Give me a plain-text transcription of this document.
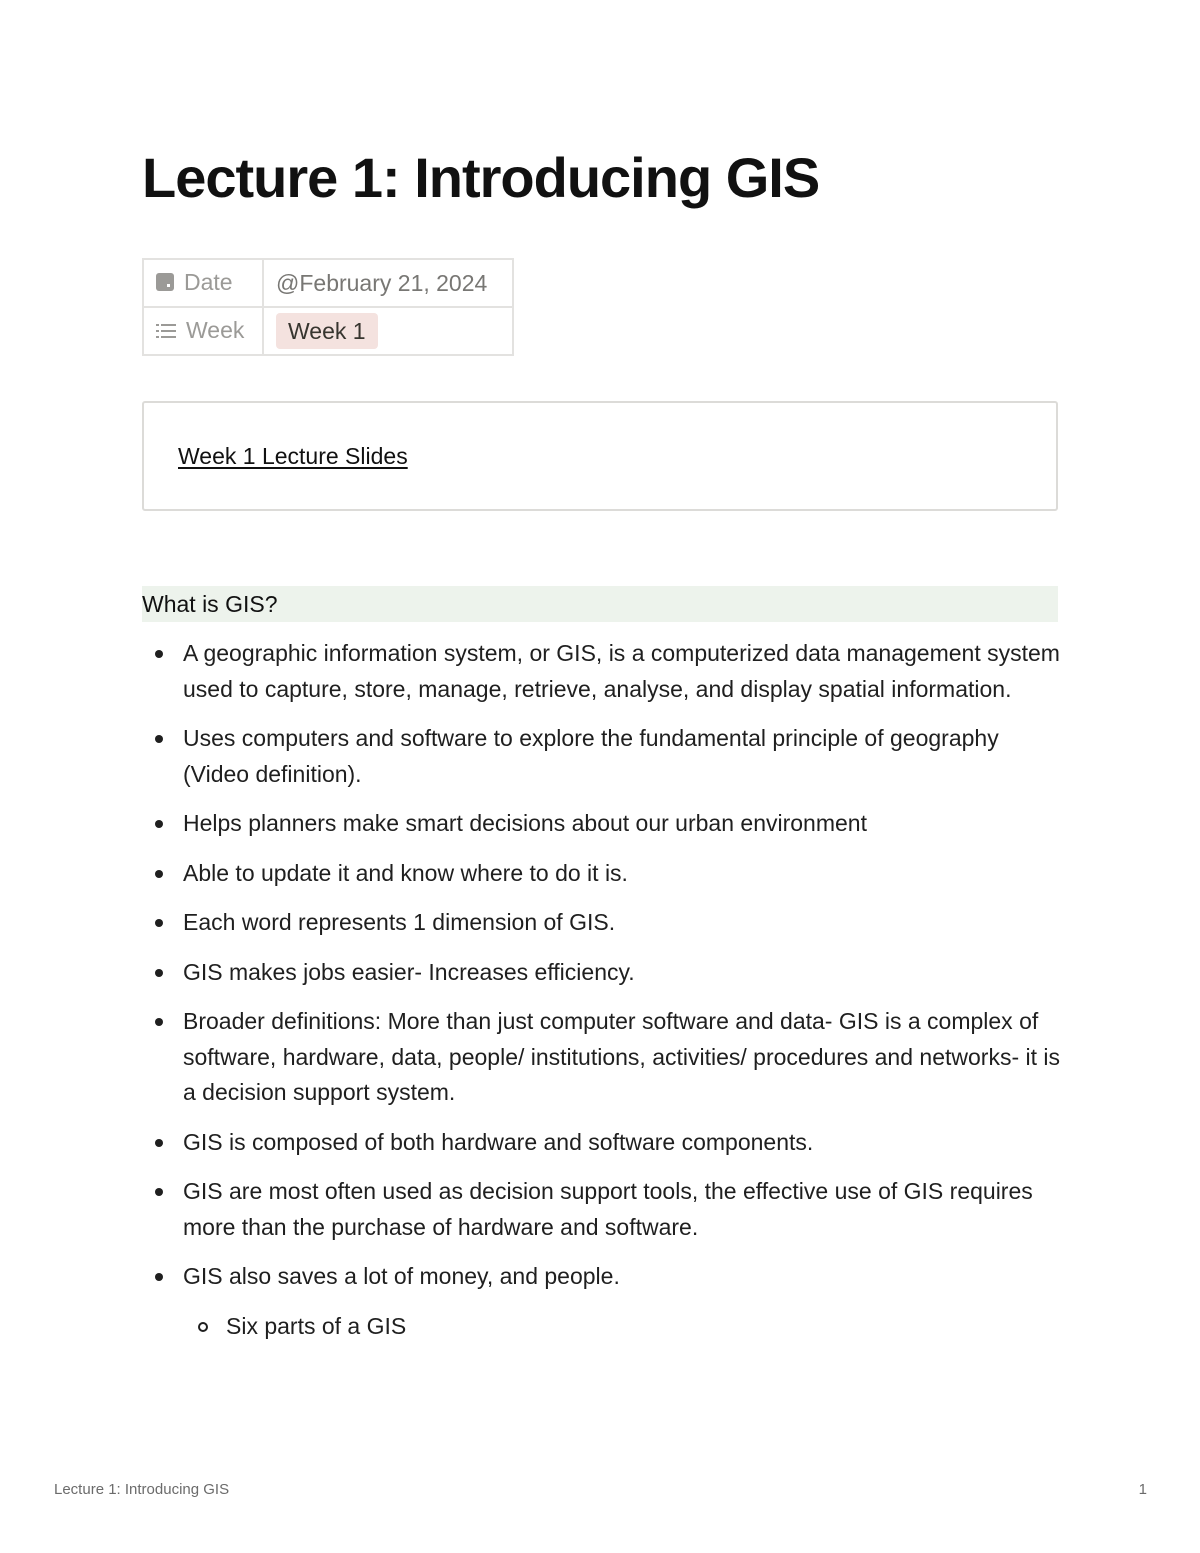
Lecture 1: Introducing GIS
Date	@February 21, 2024
Week	Week 1
Week 1 Lecture Slides
What is GIS?
A geographic information system, or GIS, is a computerized data management system used to capture, store, manage, retrieve, analyse, and display spatial information.
Uses computers and software to explore the fundamental principle of geography (Video definition).
Helps planners make smart decisions about our urban environment
Able to update it and know where to do it is.
Each word represents 1 dimension of GIS.
GIS makes jobs easier- Increases efficiency.
Broader definitions: More than just computer software and data- GIS is a complex of software, hardware, data, people/ institutions, activities/ procedures and networks- it is a decision support system.
GIS is composed of both hardware and software components.
GIS are most often used as decision support tools, the effective use of GIS requires more than the purchase of hardware and software.
GIS also saves a lot of money, and people.
Six parts of a GIS
Lecture 1: Introducing GIS	1
